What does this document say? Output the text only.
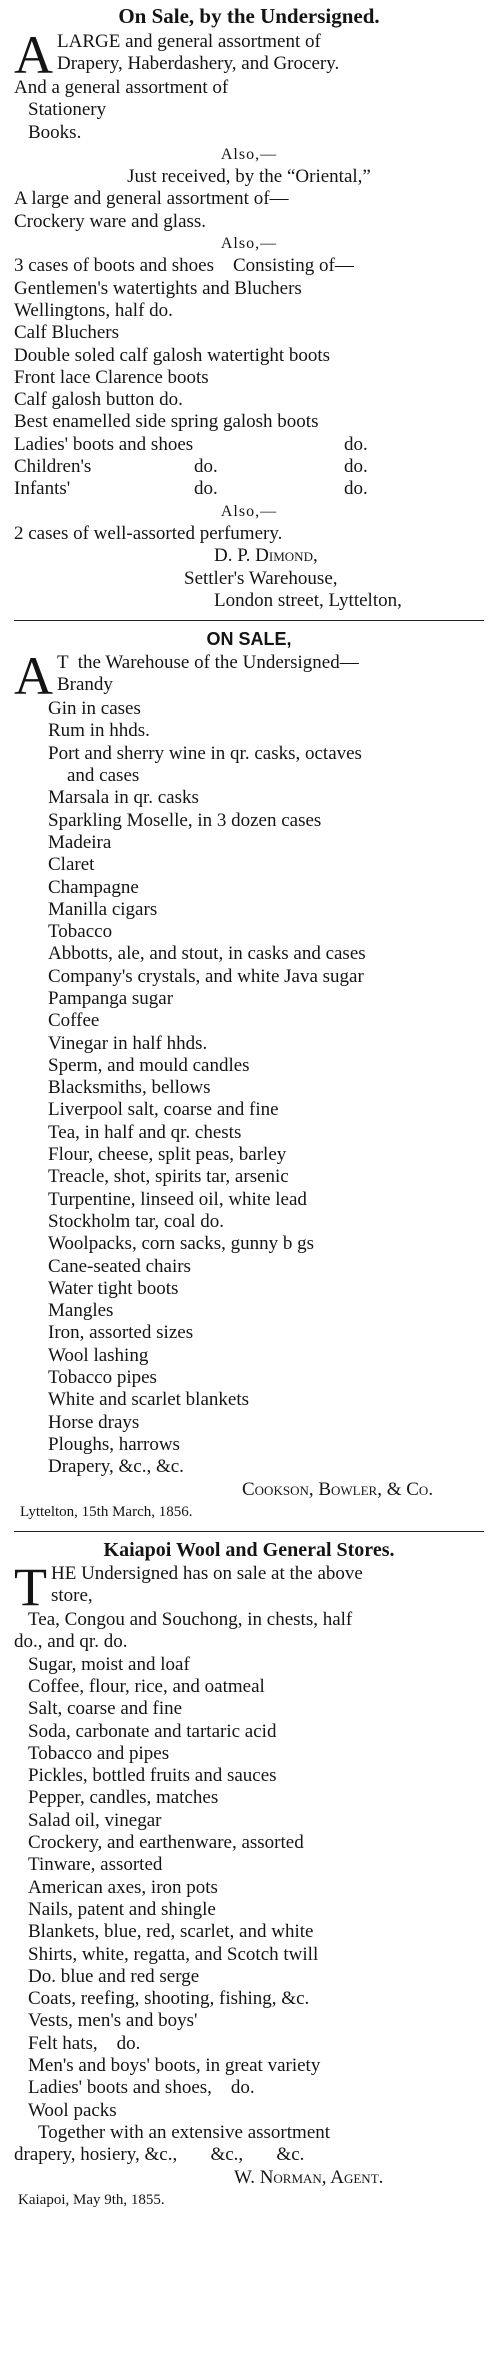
On Sale, by the Undersigned.
A LARGE and general assortment of
Drapery, Haberdashery, and Grocery.
And a general assortment of
Stationery
Books.
Also,—
Just received, by the “Oriental,”
A large and general assortment of—
Crockery ware and glass.
Also,—
3 cases of boots and shoes    Consisting of—
Gentlemen's watertights and Bluchers
Wellingtons, half do.
Calf Bluchers
Double soled calf galosh watertight boots
Front lace Clarence boots
Calf galosh button do.
Best enamelled side spring galosh boots
Ladies' boots and shoes	do.
Children's	do.	do.
Infants'	do.	do.
Also,—
2 cases of well-assorted perfumery.
D. P. Dimond,
Settler's Warehouse,
London street, Lyttelton,
ON SALE,
A T  the Warehouse of the Undersigned—
Brandy
Gin in cases
Rum in hhds.
Port and sherry wine in qr. casks, octaves
and cases
Marsala in qr. casks
Sparkling Moselle, in 3 dozen cases
Madeira
Claret
Champagne
Manilla cigars
Tobacco
Abbotts, ale, and stout, in casks and cases
Company's crystals, and white Java sugar
Pampanga sugar
Coffee
Vinegar in half hhds.
Sperm, and mould candles
Blacksmiths, bellows
Liverpool salt, coarse and fine
Tea, in half and qr. chests
Flour, cheese, split peas, barley
Treacle, shot, spirits tar, arsenic
Turpentine, linseed oil, white lead
Stockholm tar, coal do.
Woolpacks, corn sacks, gunny b gs
Cane-seated chairs
Water tight boots
Mangles
Iron, assorted sizes
Wool lashing
Tobacco pipes
White and scarlet blankets
Horse drays
Ploughs, harrows
Drapery, &c., &c.
Cookson, Bowler, & Co.
Lyttelton, 15th March, 1856.
Kaiapoi Wool and General Stores.
T HE Undersigned has on sale at the above
store,
Tea, Congou and Souchong, in chests, half
do., and qr. do.
Sugar, moist and loaf
Coffee, flour, rice, and oatmeal
Salt, coarse and fine
Soda, carbonate and tartaric acid
Tobacco and pipes
Pickles, bottled fruits and sauces
Pepper, candles, matches
Salad oil, vinegar
Crockery, and earthenware, assorted
Tinware, assorted
American axes, iron pots
Nails, patent and shingle
Blankets, blue, red, scarlet, and white
Shirts, white, regatta, and Scotch twill
Do. blue and red serge
Coats, reefing, shooting, fishing, &c.
Vests, men's and boys'
Felt hats,    do.
Men's and boys' boots, in great variety
Ladies' boots and shoes,    do.
Wool packs
Together with an extensive assortment
drapery, hosiery, &c.,       &c.,       &c.
W. Norman, Agent.
Kaiapoi, May 9th, 1855.
